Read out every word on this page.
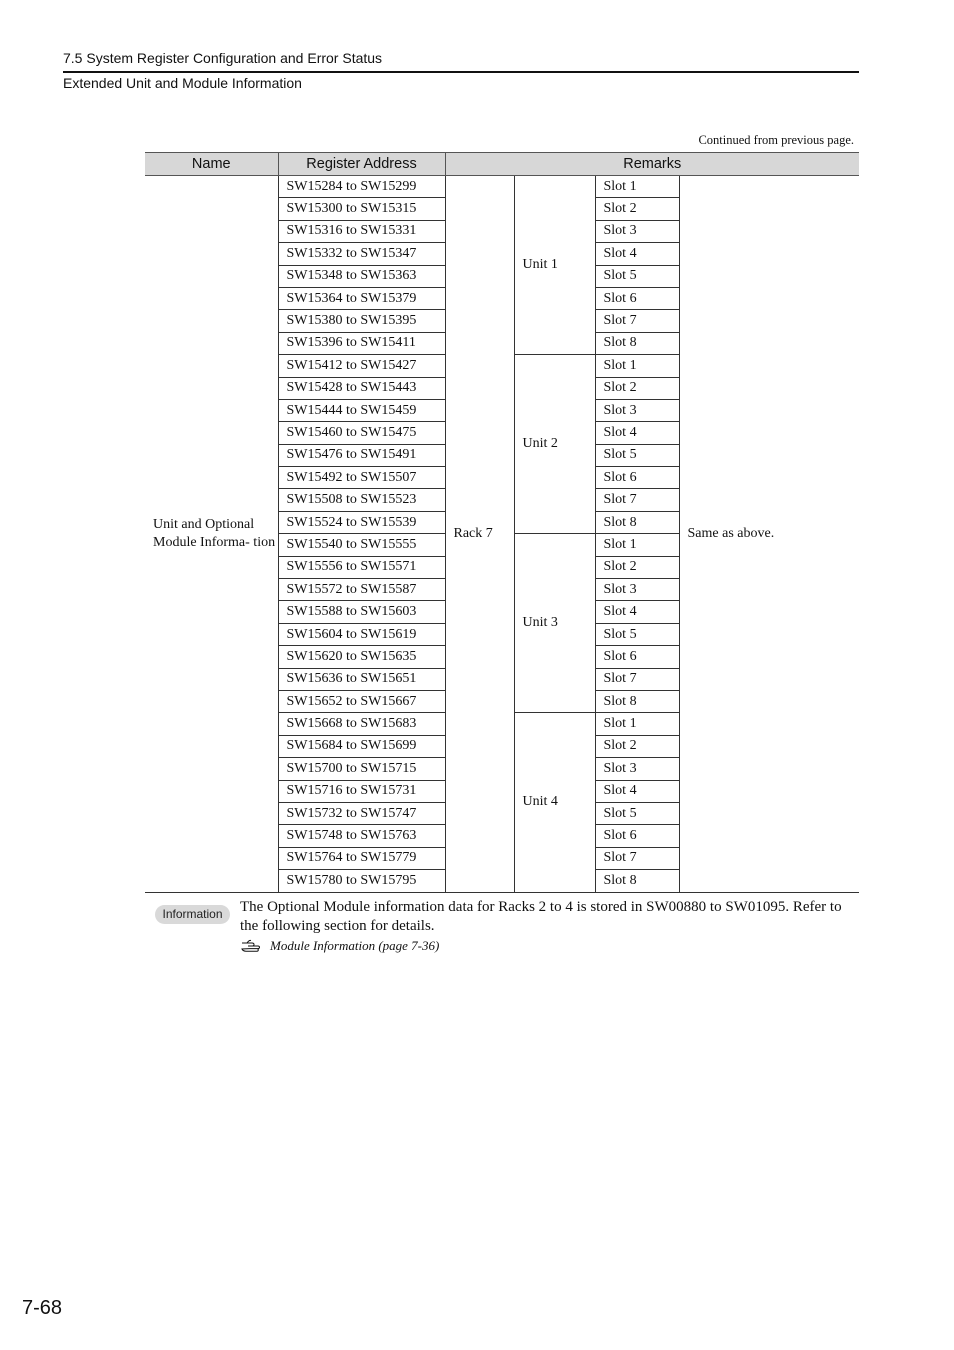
7.5 System Register Configuration and Error Status
Extended Unit and Module Information
Continued from previous page.
Name	Register Address	Remarks			
Unit and Optional Module Informa- tion	SW15284 to SW15299	Rack 7	Unit 1	Slot 1	Same as above.
	SW15300 to SW15315			Slot 2	
	SW15316 to SW15331			Slot 3	
	SW15332 to SW15347			Slot 4	
	SW15348 to SW15363			Slot 5	
	SW15364 to SW15379			Slot 6	
	SW15380 to SW15395			Slot 7	
	SW15396 to SW15411			Slot 8	
	SW15412 to SW15427		Unit 2	Slot 1	
	SW15428 to SW15443			Slot 2	
	SW15444 to SW15459			Slot 3	
	SW15460 to SW15475			Slot 4	
	SW15476 to SW15491			Slot 5	
	SW15492 to SW15507			Slot 6	
	SW15508 to SW15523			Slot 7	
	SW15524 to SW15539			Slot 8	
	SW15540 to SW15555		Unit 3	Slot 1	
	SW15556 to SW15571			Slot 2	
	SW15572 to SW15587			Slot 3	
	SW15588 to SW15603			Slot 4	
	SW15604 to SW15619			Slot 5	
	SW15620 to SW15635			Slot 6	
	SW15636 to SW15651			Slot 7	
	SW15652 to SW15667			Slot 8	
	SW15668 to SW15683		Unit 4	Slot 1	
	SW15684 to SW15699			Slot 2	
	SW15700 to SW15715			Slot 3	
	SW15716 to SW15731			Slot 4	
	SW15732 to SW15747			Slot 5	
	SW15748 to SW15763			Slot 6	
	SW15764 to SW15779			Slot 7	
	SW15780 to SW15795			Slot 8	
Information	The Optional Module information data for Racks 2 to 4 is stored in SW00880 to SW01095. Refer to the following section for details.
Module Information (page 7-36)
7-68
